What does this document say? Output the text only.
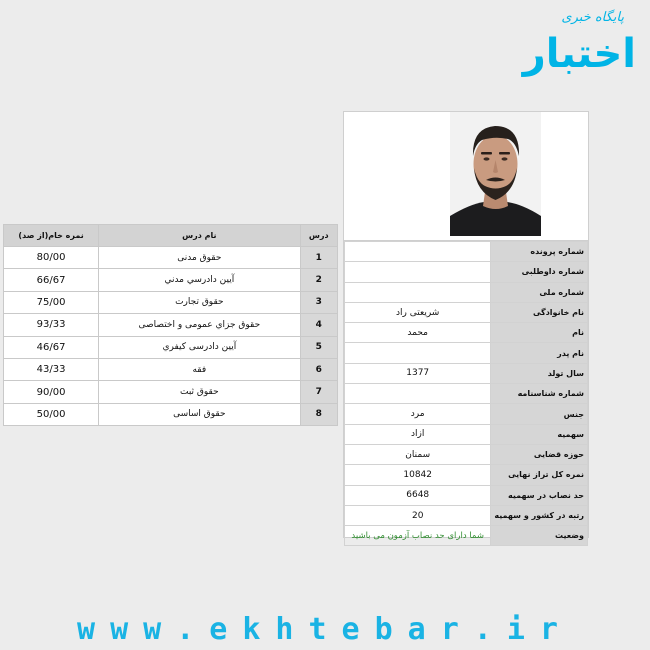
پایگاه خبری
اختبار
نمره خام(از صد)	نام درس	درس
80/00	حقوق مدنی	1
66/67	آيين دادرسي مدني	2
75/00	حقوق تجارت	3
93/33	حقوق جزاي عمومی و اختصاصی	4
46/67	آيين دادرسی كيفري	5
43/33	فقه	6
90/00	حقوق ثبت	7
50/00	حقوق اساسی	8
	شماره پرونده
	شماره داوطلبی
	شماره ملی
شریعتی راد	نام خانوادگی
محمد	نام
	نام پدر
1377	سال تولد
	شماره شناسنامه
مرد	جنس
ازاد	سهمیه
سمنان	حوزه قضایی
10842	نمره کل تراز نهایی
6648	حد نصاب در سهمیه
20	رتبه در کشور و سهمیه
شما دارای حد نصاب آزمون می باشید	وضعیت
www.ekhtebar.ir
